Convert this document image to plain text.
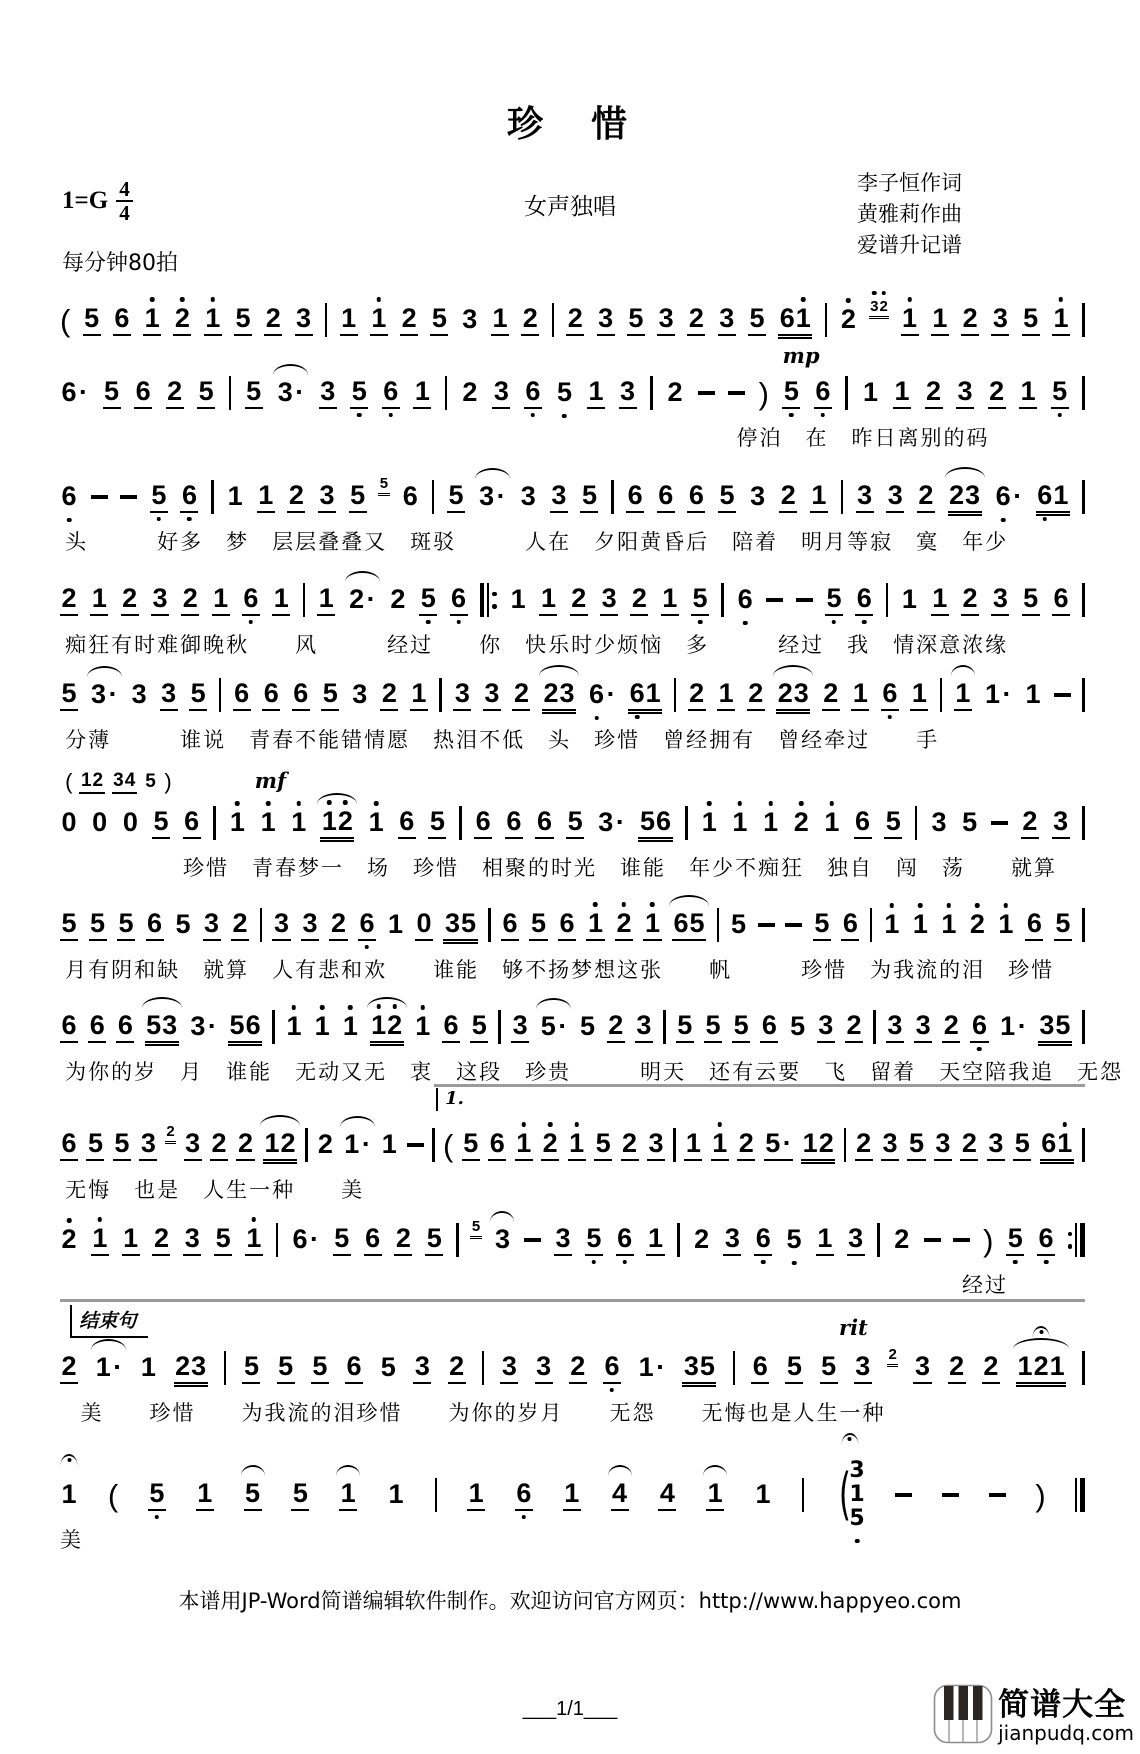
珍　惜
$1=G \frac{4}{4}$	女声独唱
李子恒作词
黄雅莉作曲
爱谱升记谱
每分钟80拍
( 5 6 1 2 1 5 2 3 1 1 2 5 3 1 2 2 3 5 3 2 3 5 6 1 2 3 2 1 1 2 3 5 1
mp
6 · 5 6 2 5 5 3 · 3 5 6 1 2 3 6 5 1 3 2 ) 5 6 1 1 2 3 2 1 5
停泊　在　昨日离别的码
6	5 6 1 1 2 3 5 5 6 5 3 · 3 3 5 6 6 6 5 3 2 1 3 3 2 2 3 6 · 6 1
头　　　好多　梦　层层叠叠又　斑驳　　　人在　夕阳黄昏后　陪着　明月等寂　寞　年少
2 1 2 3 2 1 6 1 1 2 · 2 5 6 1 1 2 3 2 1 5 6	5 6 1 1 2 3 5 6
痴狂有时难御晚秋　　风　　　经过　　你　快乐时少烦恼　多　　　经过　我　情深意浓缘
5 3 · 3 3 5 6 6 6 5 3 2 1 3 3 2 2 3 6 · 6 1 2 1 2 2 3 2 1 6 1 1 1 · 1
分薄　　　谁说　青春不能错情愿　热泪不低　头　珍惜　曾经拥有　曾经牵过　　手
0 0 0 5 6 1 1 1 1 2 1 6 5 6 6 6 5 3 · 5 6 1 1 1 2 1 6 5 3 5 2 3
珍惜　青春梦一　场　珍惜　相聚的时光　谁能　年少不痴狂　独自　闯　荡　　就算
( 1 2 3 4 5 )	mf
5 5 5 6 5 3 2 3 3 2 6 1 0 3 5 6 5 6 1 2 1 6 5 5	5 6 1 1 1 2 1 6 5
月有阴和缺　就算　人有悲和欢　　谁能　够不扬梦想这张　　帆　　　珍惜　为我流的泪　珍惜
6 6 6 5 3 3 · 5 6 1 1 1 1 2 1 6 5 3 5 · 5 2 3 5 5 5 6 5 3 2 3 3 2 6 1 · 3 5
为你的岁　月　谁能　无动又无　衷　这段　珍贵　　　明天　还有云要　飞　留着　天空陪我追　无怨
6 5 5 3 2 3 2 2 1 2 2 1 · 1 ( 5 6 1 2 1 5 2 3 1 1 2 5 · 1 2 2 3 5 3 2 3 5 6 1
无悔　也是　人生一种　　美
1.
2 1 1 2 3 5 1 6 · 5 6 2 5 5 3 3 5 6 1 2 3 6 5 1 3 2 ) 5 6
经过
2 1 · 1 2 3 5 5 5 6 5 3 2 3 3 2 6 1 · 3 5 6 5 5 3 2 3 2 2 1 2 1
美　　珍惜　　为我流的泪珍惜　　为你的岁月　　无怨　　无悔也是人生一种
结束句	rit
1 ( 5 1 5 5 1 1 1 6 1 4 4 1 1 (
3
1
5
)
美
本谱用JP-Word简谱编辑软件制作。欢迎访问官方网页：http://www.happyeo.com
___1/1___	简谱大全
jianpudq.com
